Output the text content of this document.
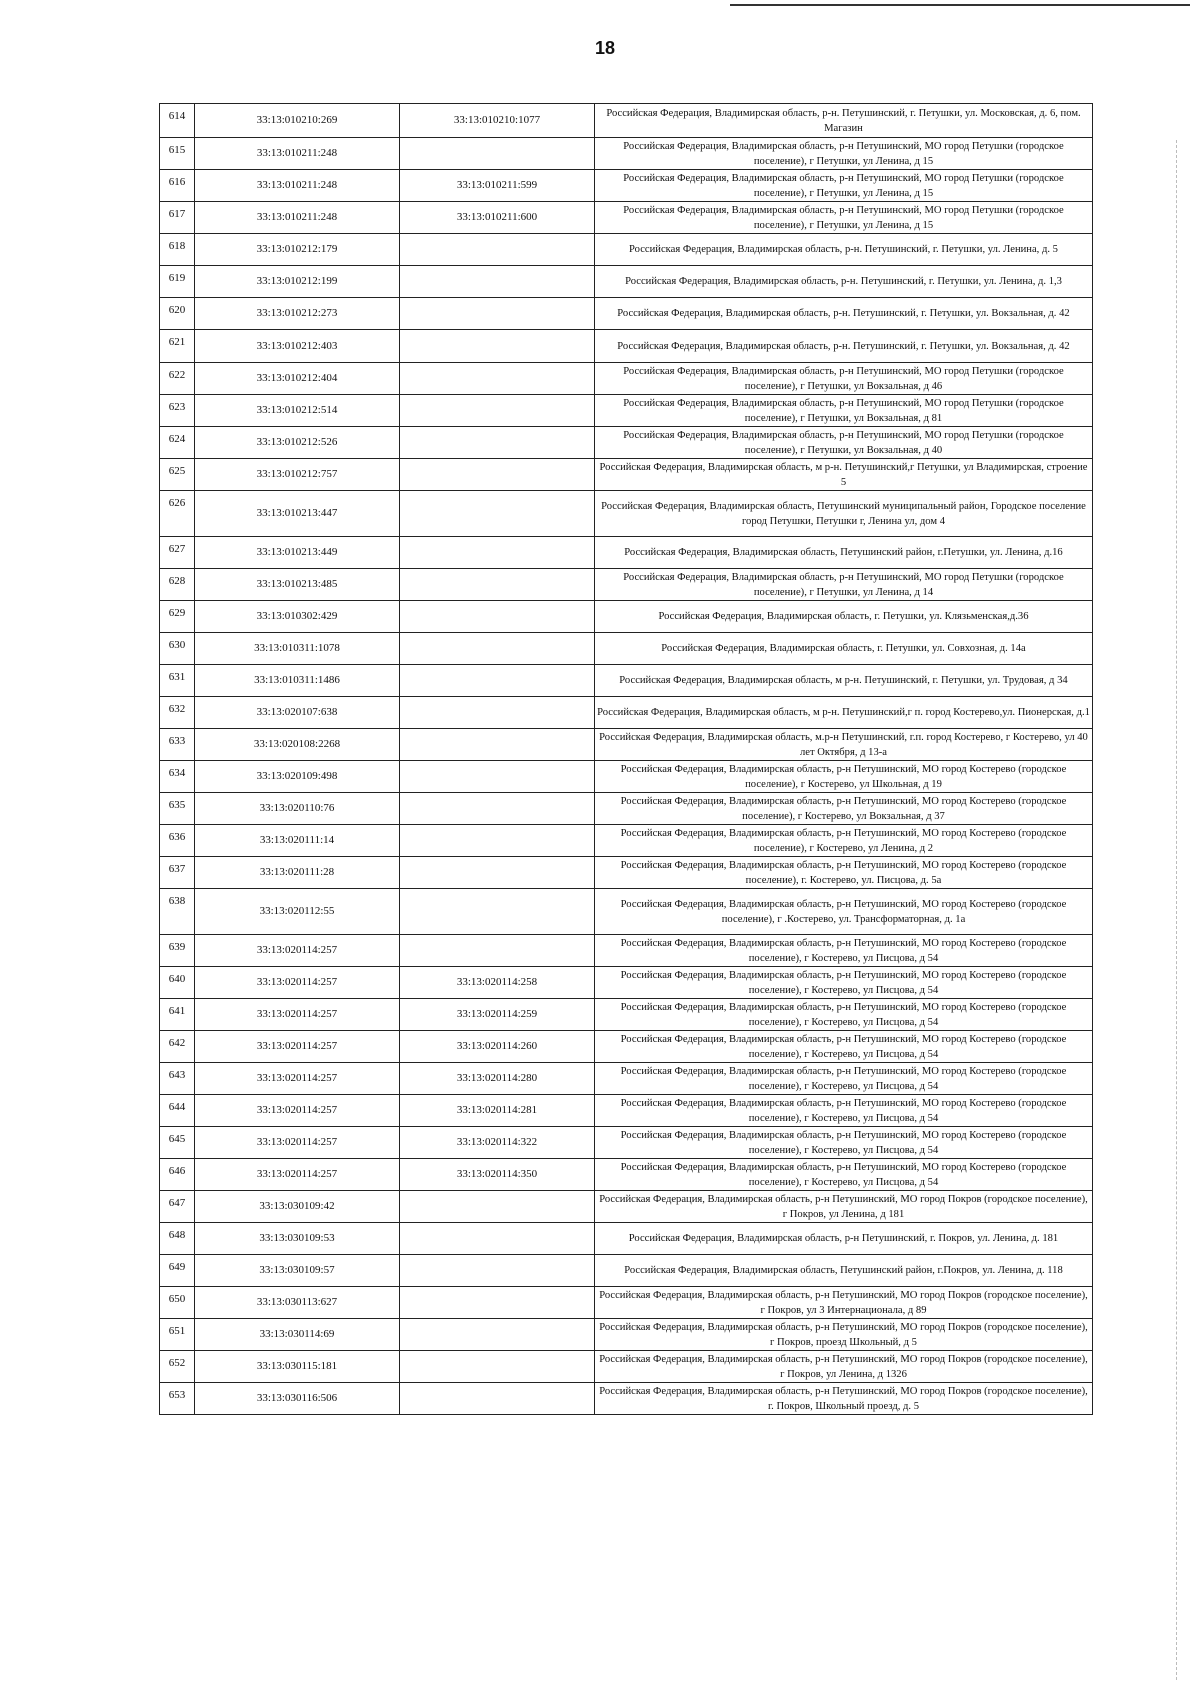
18
614	33:13:010210:269	33:13:010210:1077	Российская Федерация, Владимирская область, р-н. Петушинский, г. Петушки, ул. Московская, д. 6, пом. Магазин
615	33:13:010211:248		Российская Федерация, Владимирская область, р-н Петушинский, МО город Петушки (городское поселение), г Петушки, ул Ленина, д 15
616	33:13:010211:248	33:13:010211:599	Российская Федерация, Владимирская область, р-н Петушинский, МО город Петушки (городское поселение), г Петушки, ул Ленина, д 15
617	33:13:010211:248	33:13:010211:600	Российская Федерация, Владимирская область, р-н Петушинский, МО город Петушки (городское поселение), г Петушки, ул Ленина, д 15
618	33:13:010212:179		Российская Федерация, Владимирская область, р-н. Петушинский, г. Петушки, ул. Ленина, д. 5
619	33:13:010212:199		Российская Федерация, Владимирская область, р-н. Петушинский, г. Петушки, ул. Ленина, д. 1,3
620	33:13:010212:273		Российская Федерация, Владимирская область, р-н. Петушинский, г. Петушки, ул. Вокзальная, д. 42
621	33:13:010212:403		Российская Федерация, Владимирская область, р-н. Петушинский, г. Петушки, ул. Вокзальная, д. 42
622	33:13:010212:404		Российская Федерация, Владимирская область, р-н Петушинский, МО город Петушки (городское поселение), г Петушки, ул Вокзальная, д 46
623	33:13:010212:514		Российская Федерация, Владимирская область, р-н Петушинский, МО город Петушки (городское поселение), г Петушки, ул Вокзальная, д 81
624	33:13:010212:526		Российская Федерация, Владимирская область, р-н Петушинский, МО город Петушки (городское поселение), г Петушки, ул Вокзальная, д 40
625	33:13:010212:757		Российская Федерация, Владимирская область, м р-н. Петушинский,г Петушки, ул Владимирская, строение 5
626	33:13:010213:447		Российская Федерация, Владимирская область, Петушинский муниципальный район, Городское поселение город Петушки, Петушки г, Ленина ул, дом 4
627	33:13:010213:449		Российская Федерация, Владимирская область, Петушинский район, г.Петушки, ул. Ленина, д.16
628	33:13:010213:485		Российская Федерация, Владимирская область, р-н Петушинский, МО город Петушки (городское поселение), г Петушки, ул Ленина, д 14
629	33:13:010302:429		Российская Федерация, Владимирская область, г. Петушки, ул. Клязьменская,д.36
630	33:13:010311:1078		Российская Федерация, Владимирская область, г. Петушки, ул. Совхозная, д. 14а
631	33:13:010311:1486		Российская Федерация, Владимирская область, м р-н. Петушинский, г. Петушки, ул. Трудовая, д 34
632	33:13:020107:638		Российская Федерация, Владимирская область, м р-н. Петушинский,г п. город Костерево,ул. Пионерская, д.1
633	33:13:020108:2268		Российская Федерация, Владимирская область, м.р-н Петушинский, г.п. город Костерево, г Костерево, ул 40 лет Октября, д 13-а
634	33:13:020109:498		Российская Федерация, Владимирская область, р-н Петушинский, МО город Костерево (городское поселение), г Костерево, ул Школьная, д 19
635	33:13:020110:76		Российская Федерация, Владимирская область, р-н Петушинский, МО город Костерево (городское поселение), г Костерево, ул Вокзальная, д 37
636	33:13:020111:14		Российская Федерация, Владимирская область, р-н Петушинский, МО город Костерево (городское поселение), г Костерево, ул Ленина, д 2
637	33:13:020111:28		Российская Федерация, Владимирская область, р-н Петушинский, МО город Костерево (городское поселение), г. Костерево, ул. Писцова, д. 5а
638	33:13:020112:55		Российская Федерация, Владимирская область, р-н Петушинский, МО город Костерево (городское поселение), г .Костерево, ул. Трансформаторная, д. 1а
639	33:13:020114:257		Российская Федерация, Владимирская область, р-н Петушинский, МО город Костерево (городское поселение), г Костерево, ул Писцова, д 54
640	33:13:020114:257	33:13:020114:258	Российская Федерация, Владимирская область, р-н Петушинский, МО город Костерево (городское поселение), г Костерево, ул Писцова, д 54
641	33:13:020114:257	33:13:020114:259	Российская Федерация, Владимирская область, р-н Петушинский, МО город Костерево (городское поселение), г Костерево, ул Писцова, д 54
642	33:13:020114:257	33:13:020114:260	Российская Федерация, Владимирская область, р-н Петушинский, МО город Костерево (городское поселение), г Костерево, ул Писцова, д 54
643	33:13:020114:257	33:13:020114:280	Российская Федерация, Владимирская область, р-н Петушинский, МО город Костерево (городское поселение), г Костерево, ул Писцова, д 54
644	33:13:020114:257	33:13:020114:281	Российская Федерация, Владимирская область, р-н Петушинский, МО город Костерево (городское поселение), г Костерево, ул Писцова, д 54
645	33:13:020114:257	33:13:020114:322	Российская Федерация, Владимирская область, р-н Петушинский, МО город Костерево (городское поселение), г Костерево, ул Писцова, д 54
646	33:13:020114:257	33:13:020114:350	Российская Федерация, Владимирская область, р-н Петушинский, МО город Костерево (городское поселение), г Костерево, ул Писцова, д 54
647	33:13:030109:42		Российская Федерация, Владимирская область, р-н Петушинский, МО город Покров (городское поселение), г Покров, ул Ленина, д 181
648	33:13:030109:53		Российская Федерация, Владимирская область, р-н Петушинский, г. Покров, ул. Ленина, д. 181
649	33:13:030109:57		Российская Федерация, Владимирская область, Петушинский район, г.Покров, ул. Ленина, д. 118
650	33:13:030113:627		Российская Федерация, Владимирская область, р-н Петушинский, МО город Покров (городское поселение), г Покров, ул 3 Интернационала, д 89
651	33:13:030114:69		Российская Федерация, Владимирская область, р-н Петушинский, МО город Покров (городское поселение), г Покров, проезд Школьный, д 5
652	33:13:030115:181		Российская Федерация, Владимирская область, р-н Петушинский, МО город Покров (городское поселение), г Покров, ул Ленина, д 1326
653	33:13:030116:506		Российская Федерация, Владимирская область, р-н Петушинский, МО город Покров (городское поселение), г. Покров, Школьный проезд, д. 5
